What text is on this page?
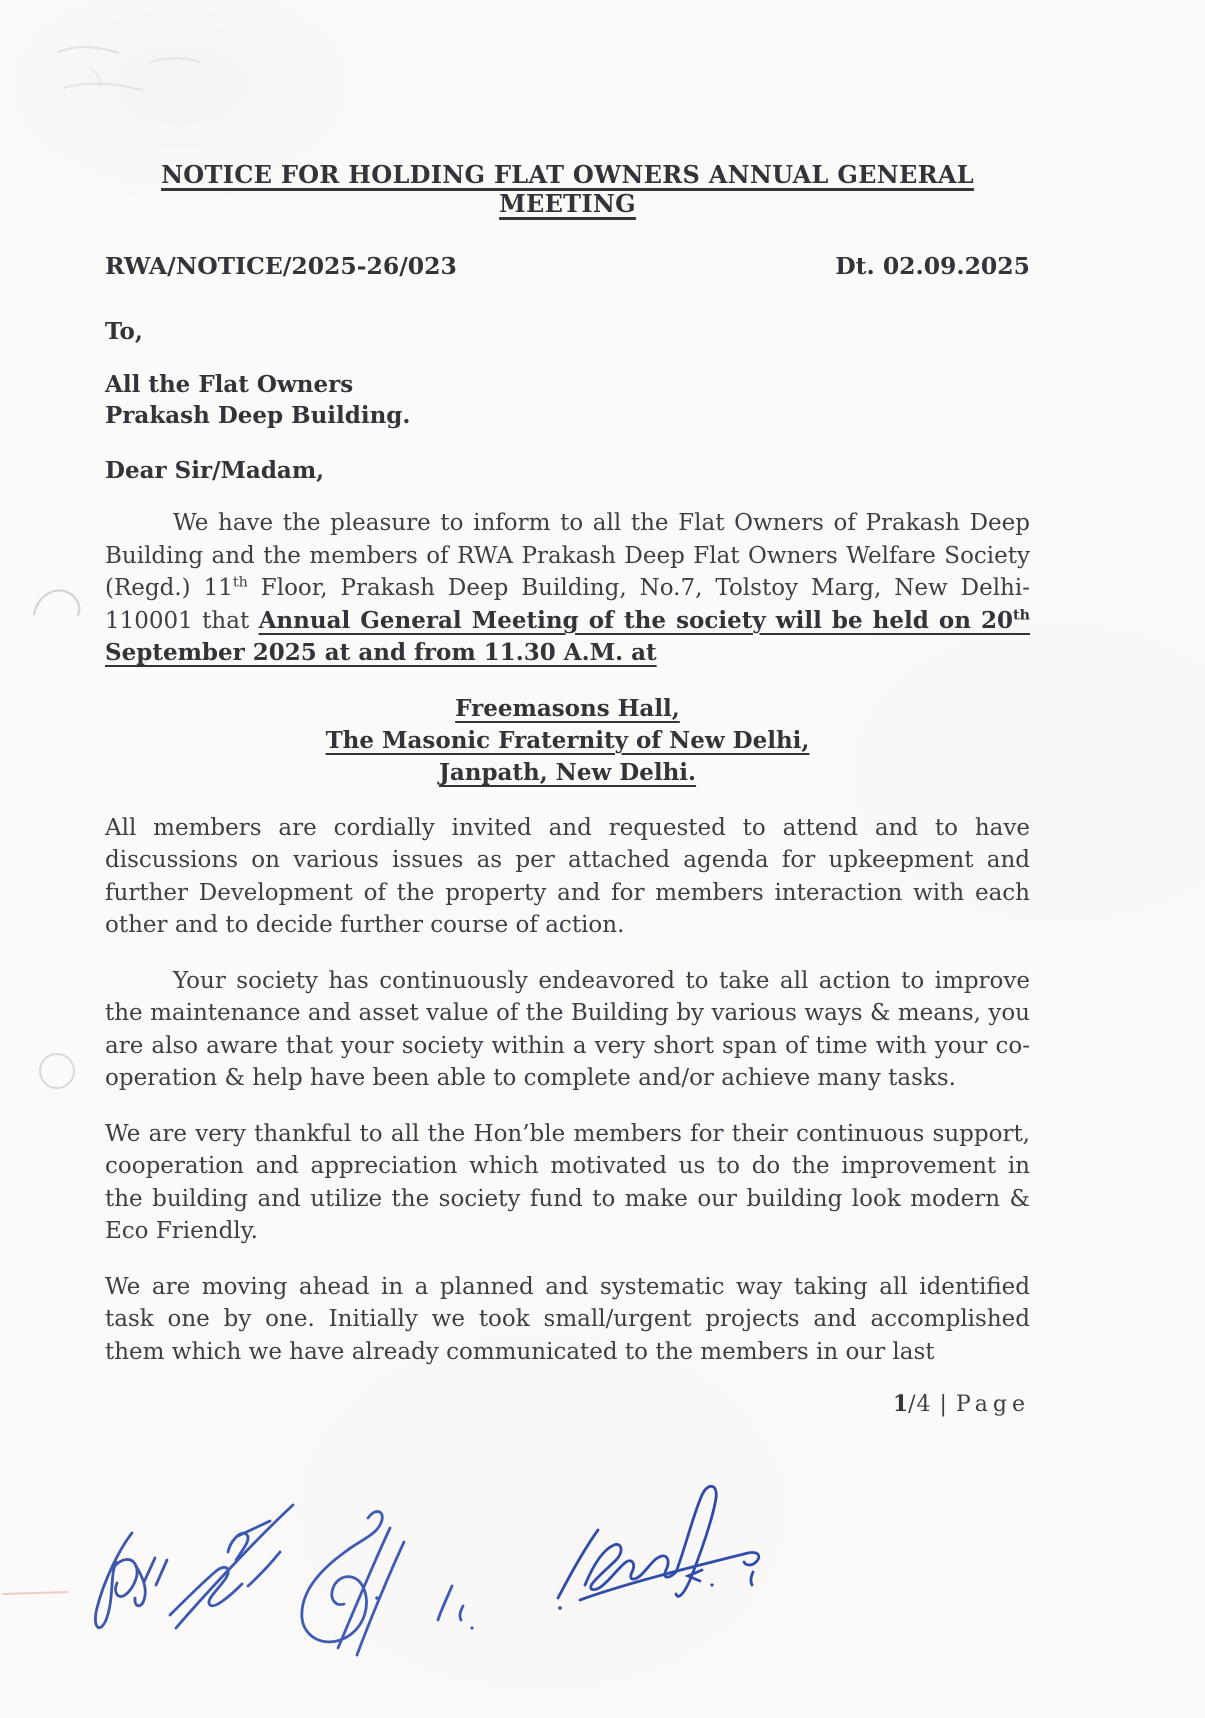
NOTICE FOR HOLDING FLAT OWNERS ANNUAL GENERAL MEETING
RWA/NOTICE/2025-26/023	Dt. 02.09.2025
To,
All the Flat Owners
Prakash Deep Building.
Dear Sir/Madam,

We have the pleasure to inform to all the Flat Owners of Prakash Deep Building and the members of RWA Prakash Deep Flat Owners Welfare Society (Regd.) 11th Floor, Prakash Deep Building, No.7, Tolstoy Marg, New Delhi-110001 that Annual General Meeting of the society will be held on 20th September 2025 at and from 11.30 A.M. at

Freemasons Hall,
The Masonic Fraternity of New Delhi,
Janpath, New Delhi.

All members are cordially invited and requested to attend and to have discussions on various issues as per attached agenda for upkeepment and further Development of the property and for members interaction with each other and to decide further course of action.

Your society has continuously endeavored to take all action to improve the maintenance and asset value of the Building by various ways & means, you are also aware that your society within a very short span of time with your co-operation & help have been able to complete and/or achieve many tasks.

We are very thankful to all the Hon’ble members for their continuous support, cooperation and appreciation which motivated us to do the improvement in the building and utilize the society fund to make our building look modern & Eco Friendly.

We are moving ahead in a planned and systematic way taking all identified task one by one. Initially we took small/urgent projects and accomplished them which we have already communicated to the members in our last

1/4 | Page
